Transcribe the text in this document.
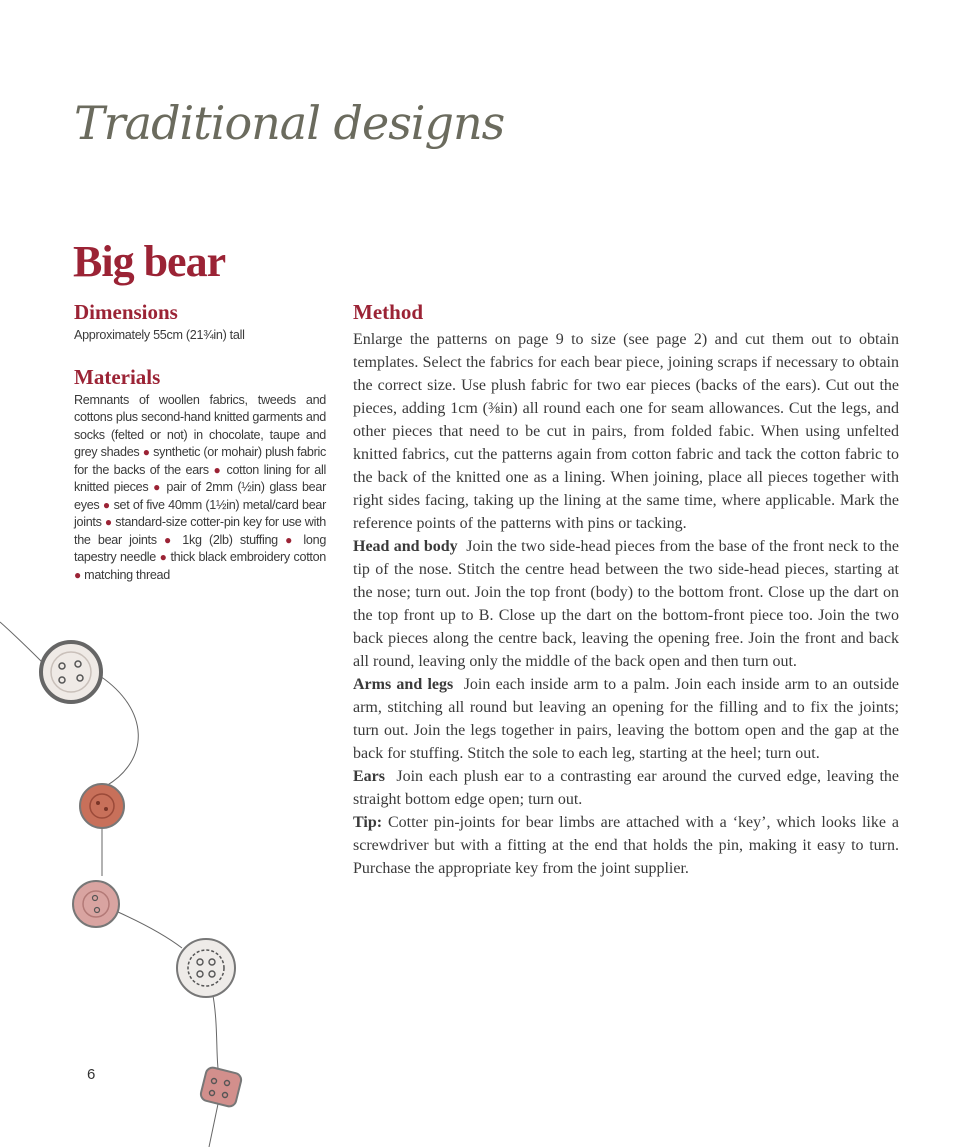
Traditional designs
Big bear
Dimensions

Approximately 55cm (21¾in) tall

Materials

Remnants of woollen fabrics, tweeds and cottons plus second-hand knitted garments and socks (felted or not) in chocolate, taupe and grey shades ● synthetic (or mohair) plush fabric for the backs of the ears ● cotton lining for all knitted pieces ● pair of 2mm (½in) glass bear eyes ● set of five 40mm (1½in) metal/card bear joints ● standard-size cotter-pin key for use with the bear joints ● 1kg (2lb) stuffing ● long tapestry needle ● thick black embroidery cotton ● matching thread

Method

Enlarge the patterns on page 9 to size (see page 2) and cut them out to obtain templates. Select the fabrics for each bear piece, joining scraps if necessary to obtain the correct size. Use plush fabric for two ear pieces (backs of the ears). Cut out the pieces, adding 1cm (⅜in) all round each one for seam allowances. Cut the legs, and other pieces that need to be cut in pairs, from folded fabic. When using unfelted knitted fabrics, cut the patterns again from cotton fabric and tack the cotton fabric to the back of the knitted one as a lining. When joining, place all pieces together with right sides facing, taking up the lining at the same time, where applicable. Mark the reference points of the patterns with pins or tacking.

Head and body Join the two side-head pieces from the base of the front neck to the tip of the nose. Stitch the centre head between the two side-head pieces, starting at the nose; turn out. Join the top front (body) to the bottom front. Close up the dart on the top front up to B. Close up the dart on the bottom-front piece too. Join the two back pieces along the centre back, leaving the opening free. Join the front and back all round, leaving only the middle of the back open and then turn out.

Arms and legs Join each inside arm to a palm. Join each inside arm to an outside arm, stitching all round but leaving an opening for the filling and to fix the joints; turn out. Join the legs together in pairs, leaving the bottom open and the gap at the back for stuffing. Stitch the sole to each leg, starting at the heel; turn out.

Ears Join each plush ear to a contrasting ear around the curved edge, leaving the straight bottom edge open; turn out.

Tip: Cotter pin-joints for bear limbs are attached with a ‘key’, which looks like a screwdriver but with a fitting at the end that holds the pin, making it easy to turn. Purchase the appropriate key from the joint supplier.

6
